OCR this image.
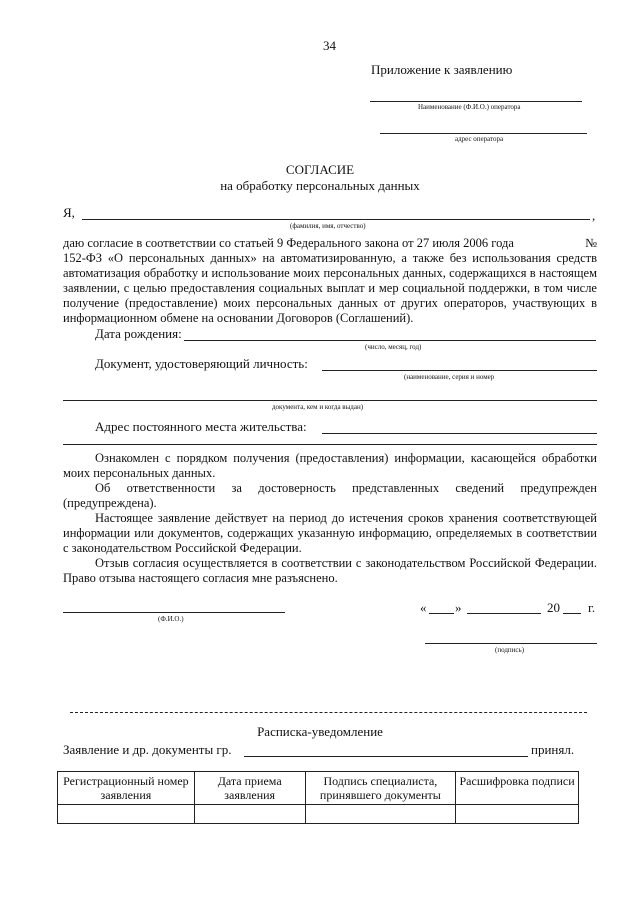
34
Приложение к заявлению
Наименование (Ф.И.О.) оператора
адрес оператора
СОГЛАСИЕ
на обработку персональных данных
Я,	,
(фамилия, имя, отчество)
даю согласие в соответствии со статьей 9 Федерального закона от 27 июля 2006 года	№
152-ФЗ «О персональных данных» на автоматизированную, а также без использования средств автоматизация обработку и использование моих персональных данных, содержащихся в настоящем заявлении, с целью предоставления социальных выплат и мер социальной поддержки, в том числе получение (предоставление) моих персональных данных от других операторов, участвующих в информационном обмене на основании Договоров (Соглашений).
Дата рождения:
(число, месяц, год)
Документ, удостоверяющий личность:
(наименование, серия и номер
документа, кем и когда выдан)
Адрес постоянного места жительства:
Ознакомлен с порядком получения (предоставления) информации, касающейся обработки моих персональных данных.
Об ответственности за достоверность представленных сведений предупрежден (предупреждена).
Настоящее заявление действует на период до истечения сроков хранения соответствующей информации или документов, содержащих указанную информацию, определяемых в соответствии с законодательством Российской Федерации.
Отзыв согласия осуществляется в соответствии с законодательством Российской Федерации. Право отзыва настоящего согласия мне разъяснено.
(Ф.И.О.)
« »	20 г.
(подпись)
Расписка-уведомление
Заявление и др. документы гр.	принял.
Регистрационный номер заявления	Дата приема заявления	Подпись специалиста, принявшего документы	Расшифровка подписи
